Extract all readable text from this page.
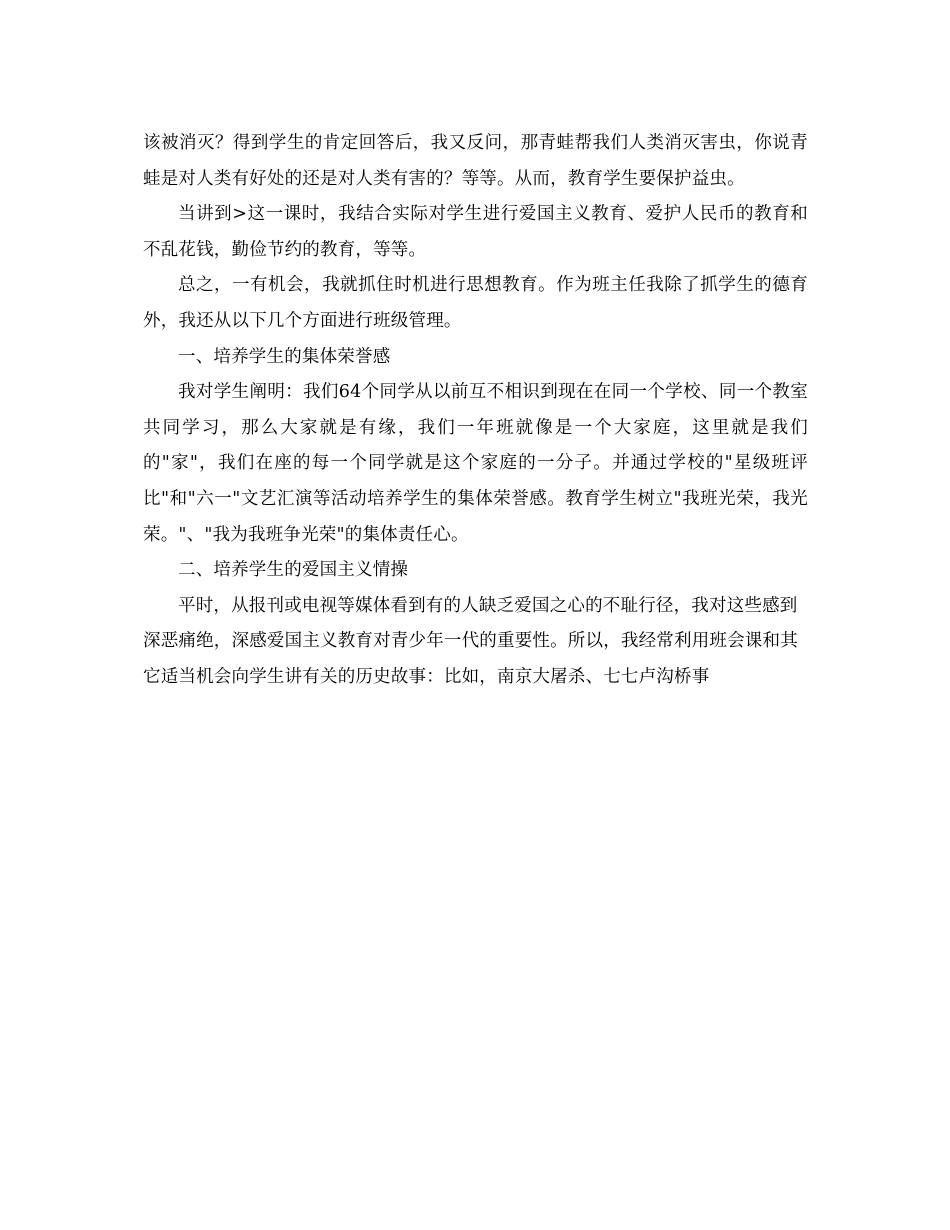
该被消灭？得到学生的肯定回答后，我又反问，那青蛙帮我们人类消灭害虫，你说青蛙是对人类有好处的还是对人类有害的？等等。从而，教育学生要保护益虫。

当讲到>这一课时，我结合实际对学生进行爱国主义教育、爱护人民币的教育和不乱花钱，勤俭节约的教育，等等。

总之，一有机会，我就抓住时机进行思想教育。作为班主任我除了抓学生的德育外，我还从以下几个方面进行班级管理。

一、培养学生的集体荣誉感

我对学生阐明：我们64个同学从以前互不相识到现在在同一个学校、同一个教室共同学习，那么大家就是有缘，我们一年班就像是一个大家庭，这里就是我们的"家"，我们在座的每一个同学就是这个家庭的一分子。并通过学校的"星级班评比"和"六一"文艺汇演等活动培养学生的集体荣誉感。教育学生树立"我班光荣，我光荣。"、"我为我班争光荣"的集体责任心。

二、培养学生的爱国主义情操

平时，从报刊或电视等媒体看到有的人缺乏爱国之心的不耻行径，我对这些感到深恶痛绝，深感爱国主义教育对青少年一代的重要性。所以，我经常利用班会课和其它适当机会向学生讲有关的历史故事：比如，南京大屠杀、七七卢沟桥事
